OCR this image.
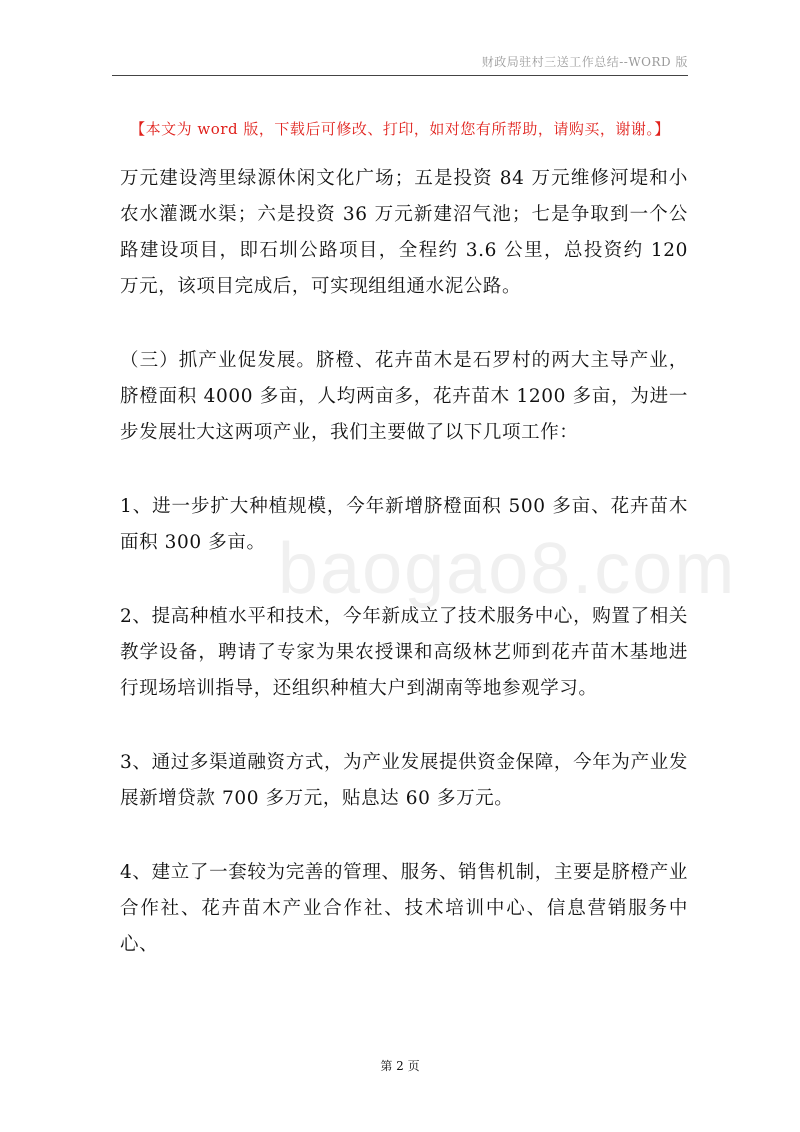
财政局驻村三送工作总结--WORD 版
【本文为 word 版，下载后可修改、打印，如对您有所帮助，请购买，谢谢。】
baogao8.com

万元建设湾里绿源休闲文化广场；五是投资 84 万元维修河堤和小农水灌溉水渠；六是投资 36 万元新建沼气池；七是争取到一个公路建设项目，即石圳公路项目，全程约 3.6 公里，总投资约 120 万元，该项目完成后，可实现组组通水泥公路。

（三）抓产业促发展。脐橙、花卉苗木是石罗村的两大主导产业，脐橙面积 4000 多亩，人均两亩多，花卉苗木 1200 多亩，为进一步发展壮大这两项产业，我们主要做了以下几项工作：

1、进一步扩大种植规模，今年新增脐橙面积 500 多亩、花卉苗木面积 300 多亩。

2、提高种植水平和技术，今年新成立了技术服务中心，购置了相关教学设备，聘请了专家为果农授课和高级林艺师到花卉苗木基地进行现场培训指导，还组织种植大户到湖南等地参观学习。

3、通过多渠道融资方式，为产业发展提供资金保障，今年为产业发展新增贷款 700 多万元，贴息达 60 多万元。

4、建立了一套较为完善的管理、服务、销售机制，主要是脐橙产业合作社、花卉苗木产业合作社、技术培训中心、信息营销服务中心、

第 2 页
